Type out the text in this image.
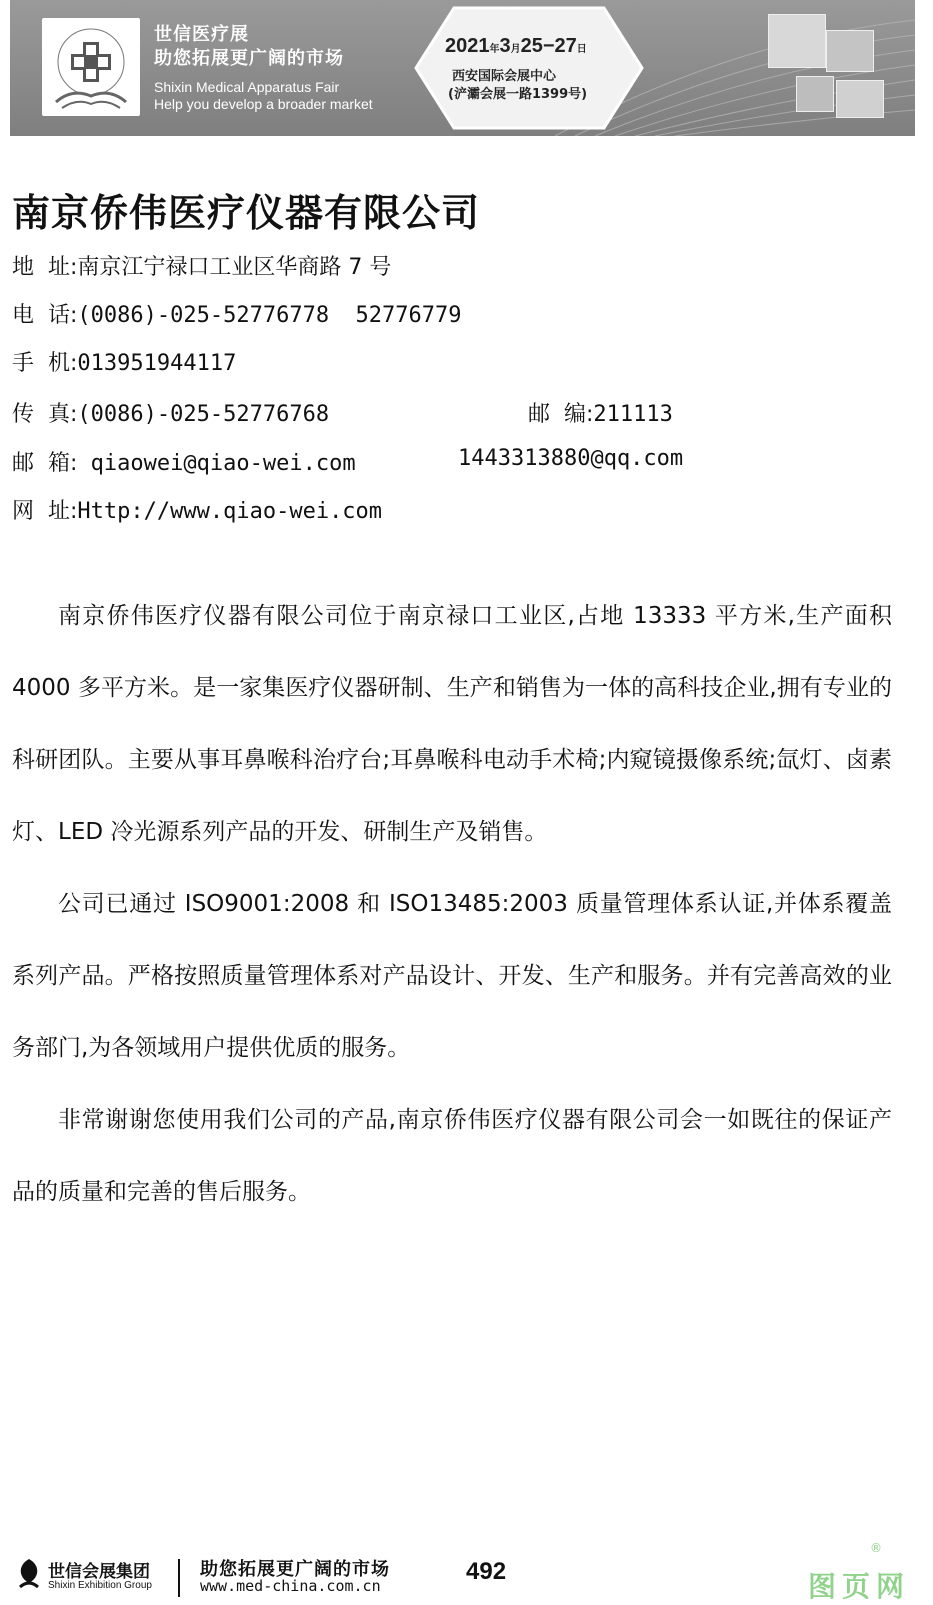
世信医疗展
助您拓展更广阔的市场
Shixin Medical Apparatus Fair
Help you develop a broader market
2021年3月25−27日
西安国际会展中心
(浐灞会展一路1399号)
南京侨伟医疗仪器有限公司
地  址:南京江宁禄口工业区华商路 7 号
电  话:(0086)-025-52776778  52776779
手  机:013951944117
传  真:(0086)-025-52776768	邮  编:211113
邮  箱: qiaowei@qiao-wei.com	1443313880@qq.com
网  址:Http://www.qiao-wei.com

南京侨伟医疗仪器有限公司位于南京禄口工业区,占地 13333 平方米,生产面积 4000 多平方米。是一家集医疗仪器研制、生产和销售为一体的高科技企业,拥有专业的科研团队。主要从事耳鼻喉科治疗台;耳鼻喉科电动手术椅;内窥镜摄像系统;氙灯、卤素灯、LED 冷光源系列产品的开发、研制生产及销售。

公司已通过 ISO9001:2008 和 ISO13485:2003 质量管理体系认证,并体系覆盖系列产品。严格按照质量管理体系对产品设计、开发、生产和服务。并有完善高效的业务部门,为各领域用户提供优质的服务。

非常谢谢您使用我们公司的产品,南京侨伟医疗仪器有限公司会一如既往的保证产品的质量和完善的售后服务。

世信会展集团
Shixin Exhibition Group
助您拓展更广阔的市场
www.med-china.com.cn
492	图页网
®
